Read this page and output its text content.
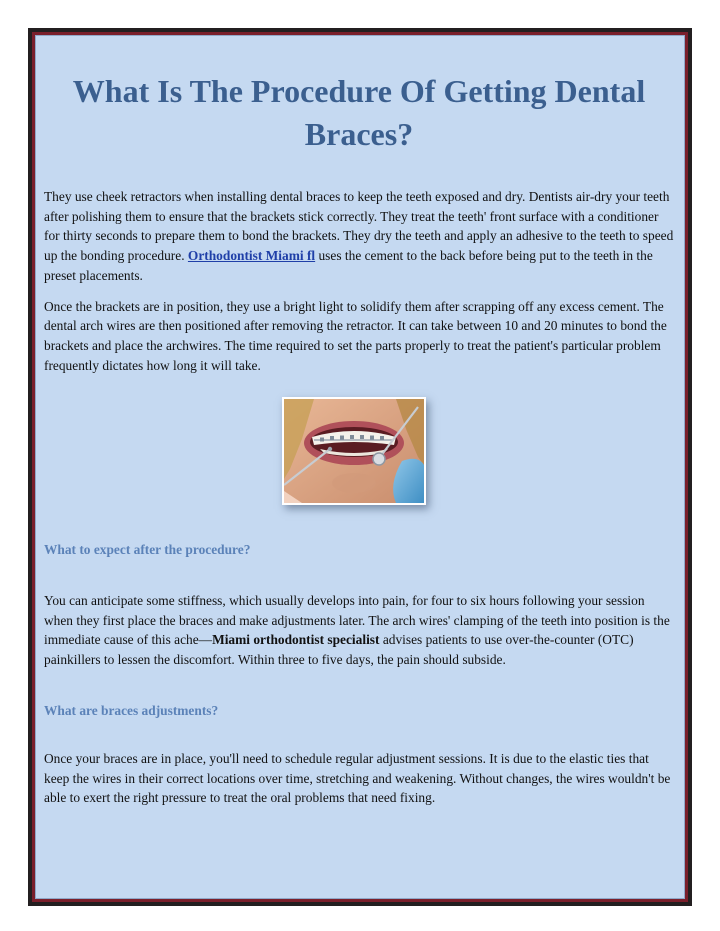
What Is The Procedure Of Getting Dental Braces?

They use cheek retractors when installing dental braces to keep the teeth exposed and dry. Dentists air-dry your teeth after polishing them to ensure that the brackets stick correctly. They treat the teeth' front surface with a conditioner for thirty seconds to prepare them to bond the brackets. They dry the teeth and apply an adhesive to the teeth to speed up the bonding procedure. Orthodontist Miami fl uses the cement to the back before being put to the teeth in the preset placements.

Once the brackets are in position, they use a bright light to solidify them after scrapping off any excess cement. The dental arch wires are then positioned after removing the retractor. It can take between 10 and 20 minutes to bond the brackets and place the archwires. The time required to set the parts properly to treat the patient's particular problem frequently dictates how long it will take.

What to expect after the procedure?

You can anticipate some stiffness, which usually develops into pain, for four to six hours following your session when they first place the braces and make adjustments later. The arch wires' clamping of the teeth into position is the immediate cause of this ache—Miami orthodontist specialist advises patients to use over-the-counter (OTC) painkillers to lessen the discomfort. Within three to five days, the pain should subside.

What are braces adjustments?

Once your braces are in place, you'll need to schedule regular adjustment sessions. It is due to the elastic ties that keep the wires in their correct locations over time, stretching and weakening. Without changes, the wires wouldn't be able to exert the right pressure to treat the oral problems that need fixing.
